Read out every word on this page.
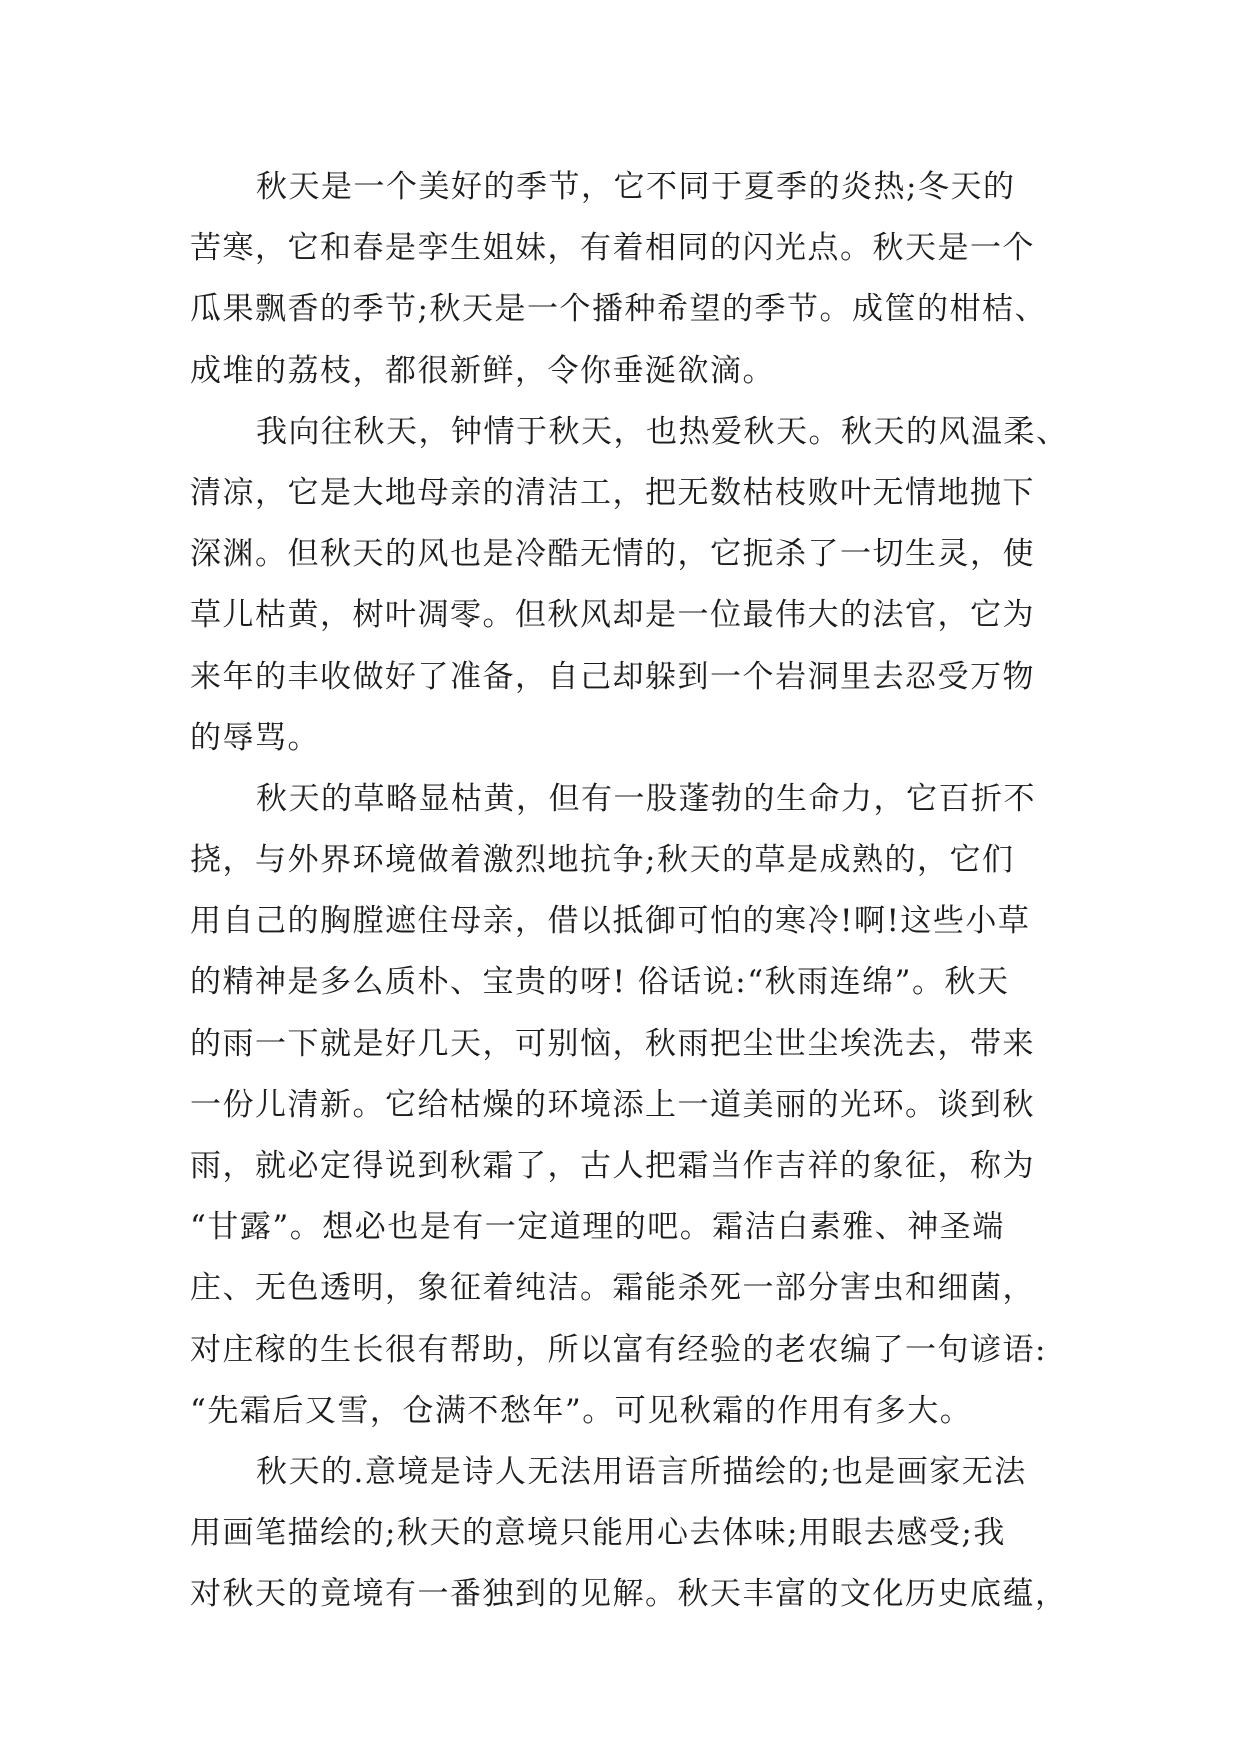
秋天是一个美好的季节，它不同于夏季的炎热;冬天的
苦寒，它和春是孪生姐妹，有着相同的闪光点。秋天是一个
瓜果飘香的季节;秋天是一个播种希望的季节。成筐的柑桔、
成堆的荔枝，都很新鲜，令你垂涎欲滴。
我向往秋天，钟情于秋天，也热爱秋天。秋天的风温柔、
清凉，它是大地母亲的清洁工，把无数枯枝败叶无情地抛下
深渊。但秋天的风也是冷酷无情的，它扼杀了一切生灵，使
草儿枯黄，树叶凋零。但秋风却是一位最伟大的法官，它为
来年的丰收做好了准备，自己却躲到一个岩洞里去忍受万物
的辱骂。
秋天的草略显枯黄，但有一股蓬勃的生命力，它百折不
挠，与外界环境做着激烈地抗争;秋天的草是成熟的，它们
用自己的胸膛遮住母亲，借以抵御可怕的寒冷!啊!这些小草
的精神是多么质朴、宝贵的呀! 俗话说:“秋雨连绵”。秋天
的雨一下就是好几天，可别恼，秋雨把尘世尘埃洗去，带来
一份儿清新。它给枯燥的环境添上一道美丽的光环。谈到秋
雨，就必定得说到秋霜了，古人把霜当作吉祥的象征，称为
“甘露”。想必也是有一定道理的吧。霜洁白素雅、神圣端
庄、无色透明，象征着纯洁。霜能杀死一部分害虫和细菌，
对庄稼的生长很有帮助，所以富有经验的老农编了一句谚语:
“先霜后又雪，仓满不愁年”。可见秋霜的作用有多大。
秋天的.意境是诗人无法用语言所描绘的;也是画家无法
用画笔描绘的;秋天的意境只能用心去体味;用眼去感受;我
对秋天的竟境有一番独到的见解。秋天丰富的文化历史底蕴，
